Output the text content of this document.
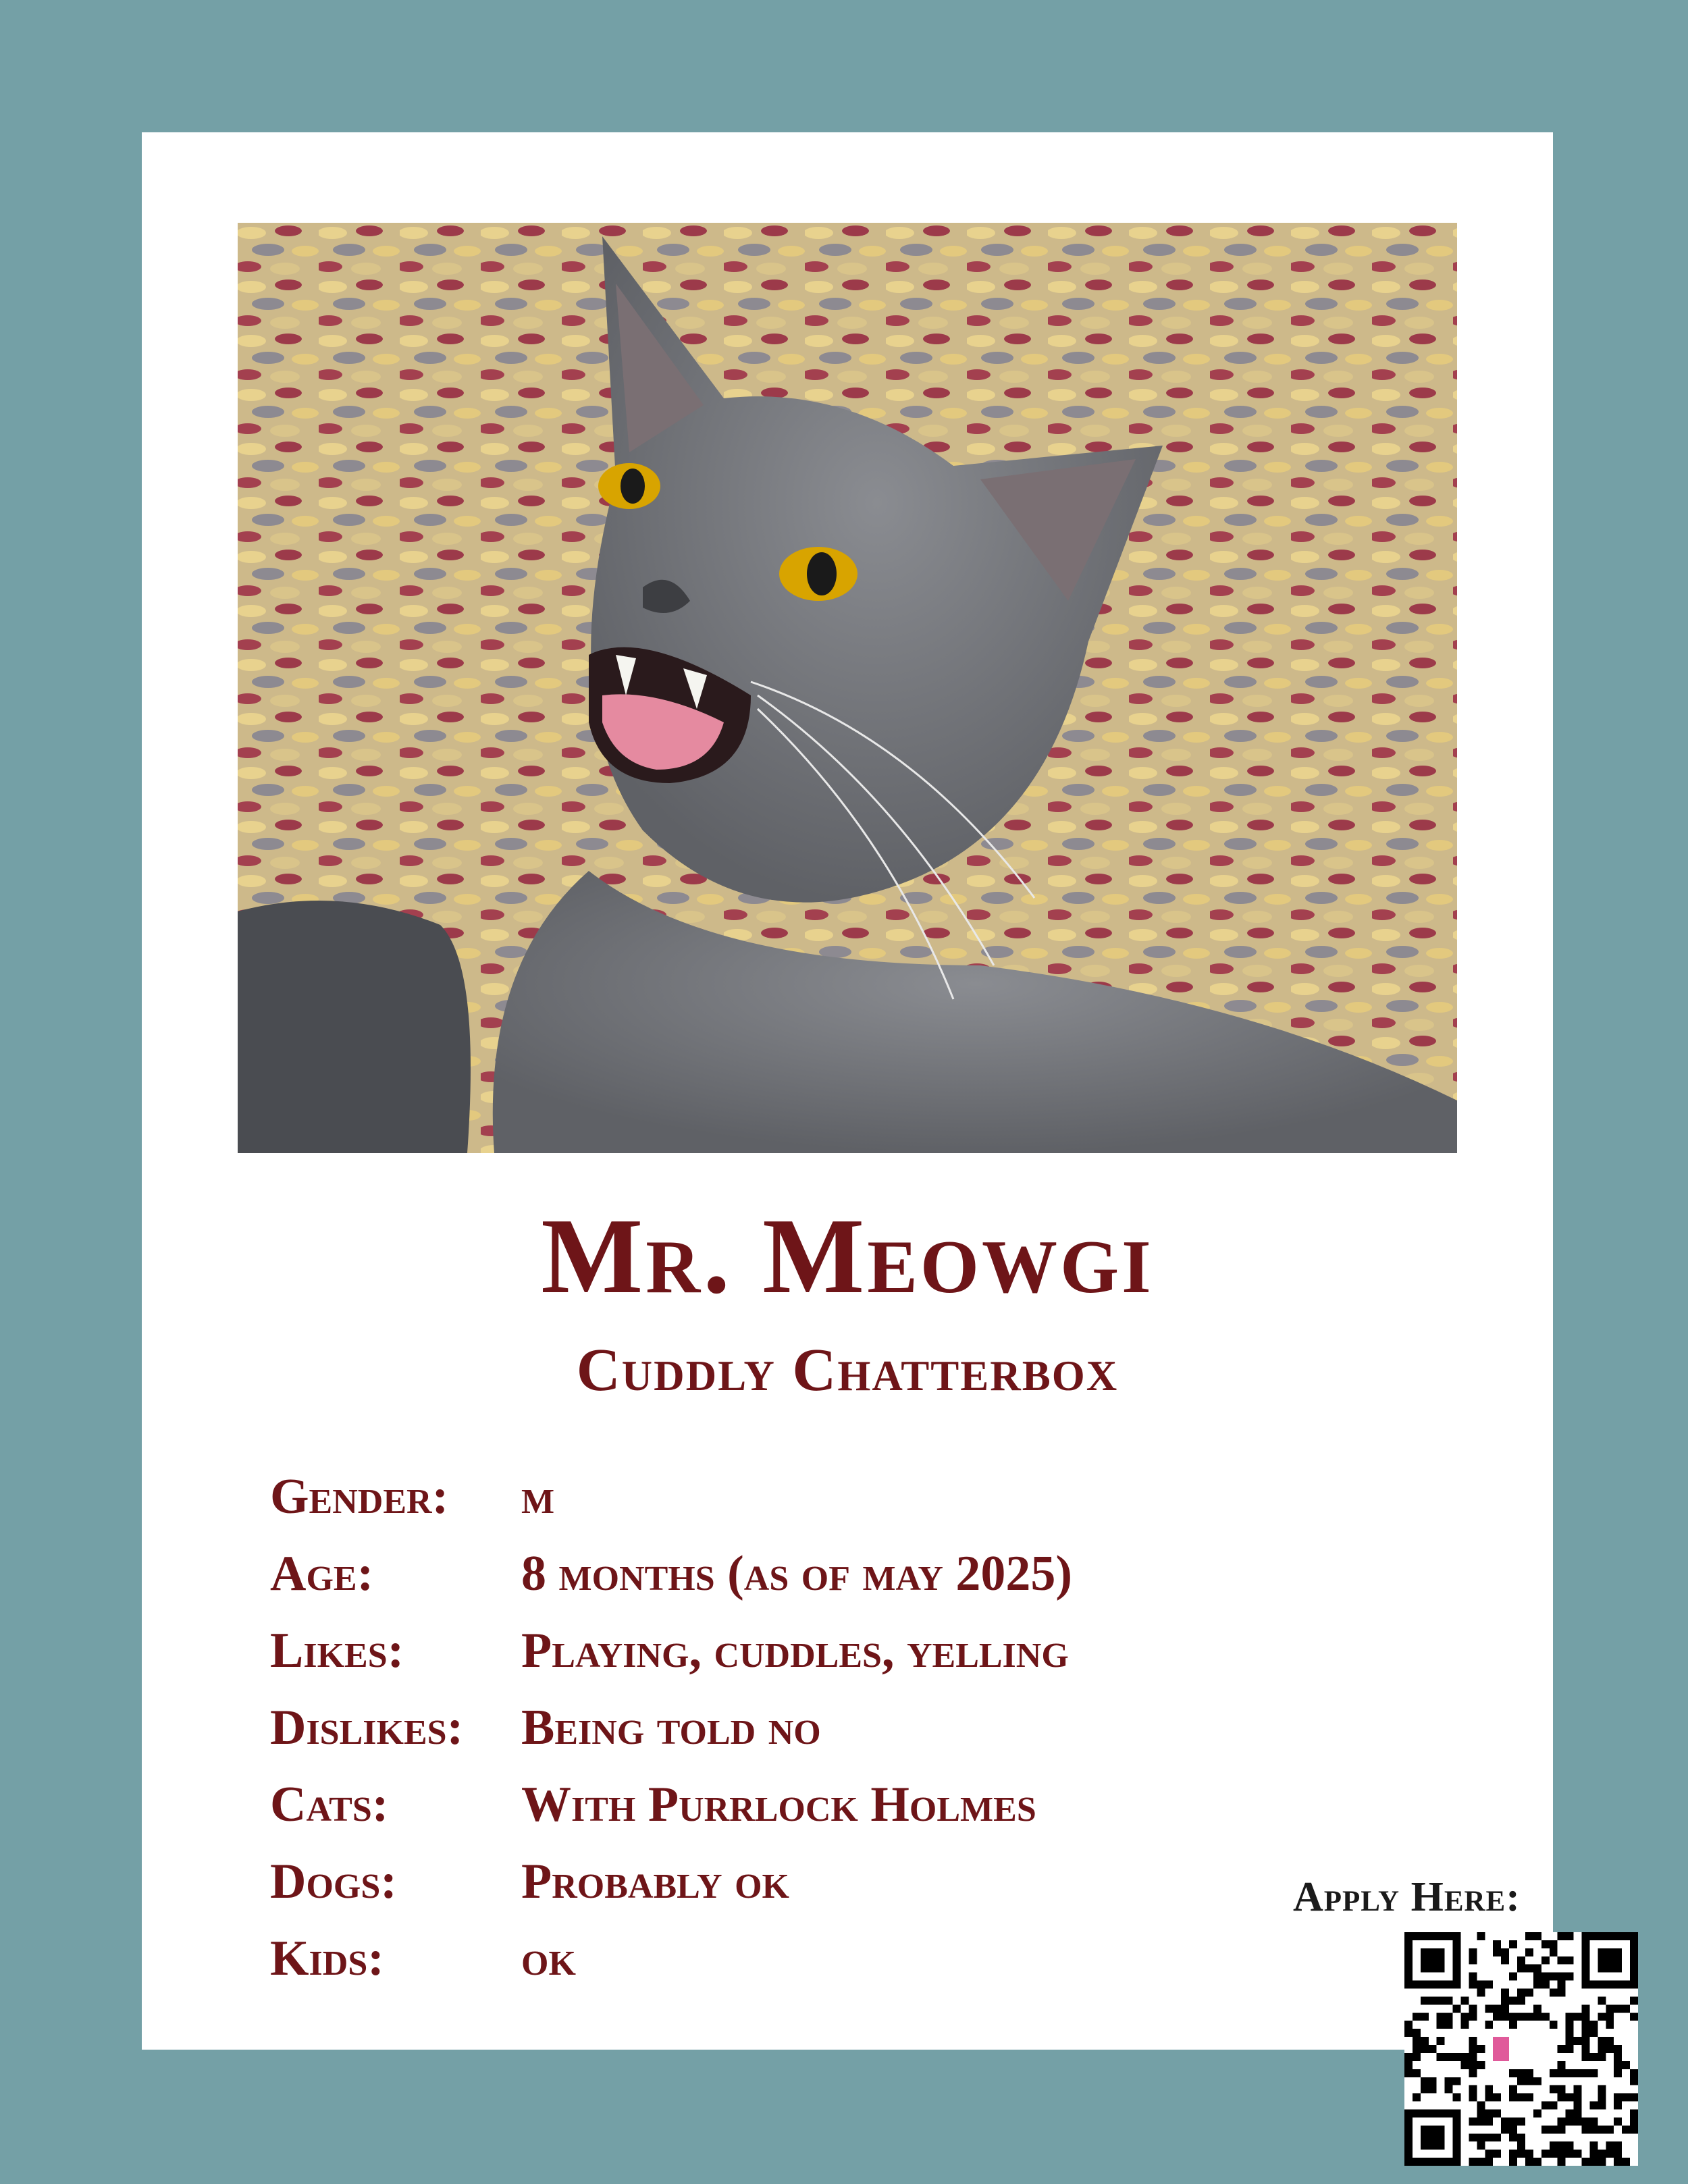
Mr. Meowgi
Cuddly Chatterbox
Gender:	m
Age:	8 months (as of may 2025)
Likes:	Playing, cuddles, yelling
Dislikes:	Being told no
Cats:	With Purrlock Holmes
Dogs:	Probably ok
Kids:	ok
Apply Here:
